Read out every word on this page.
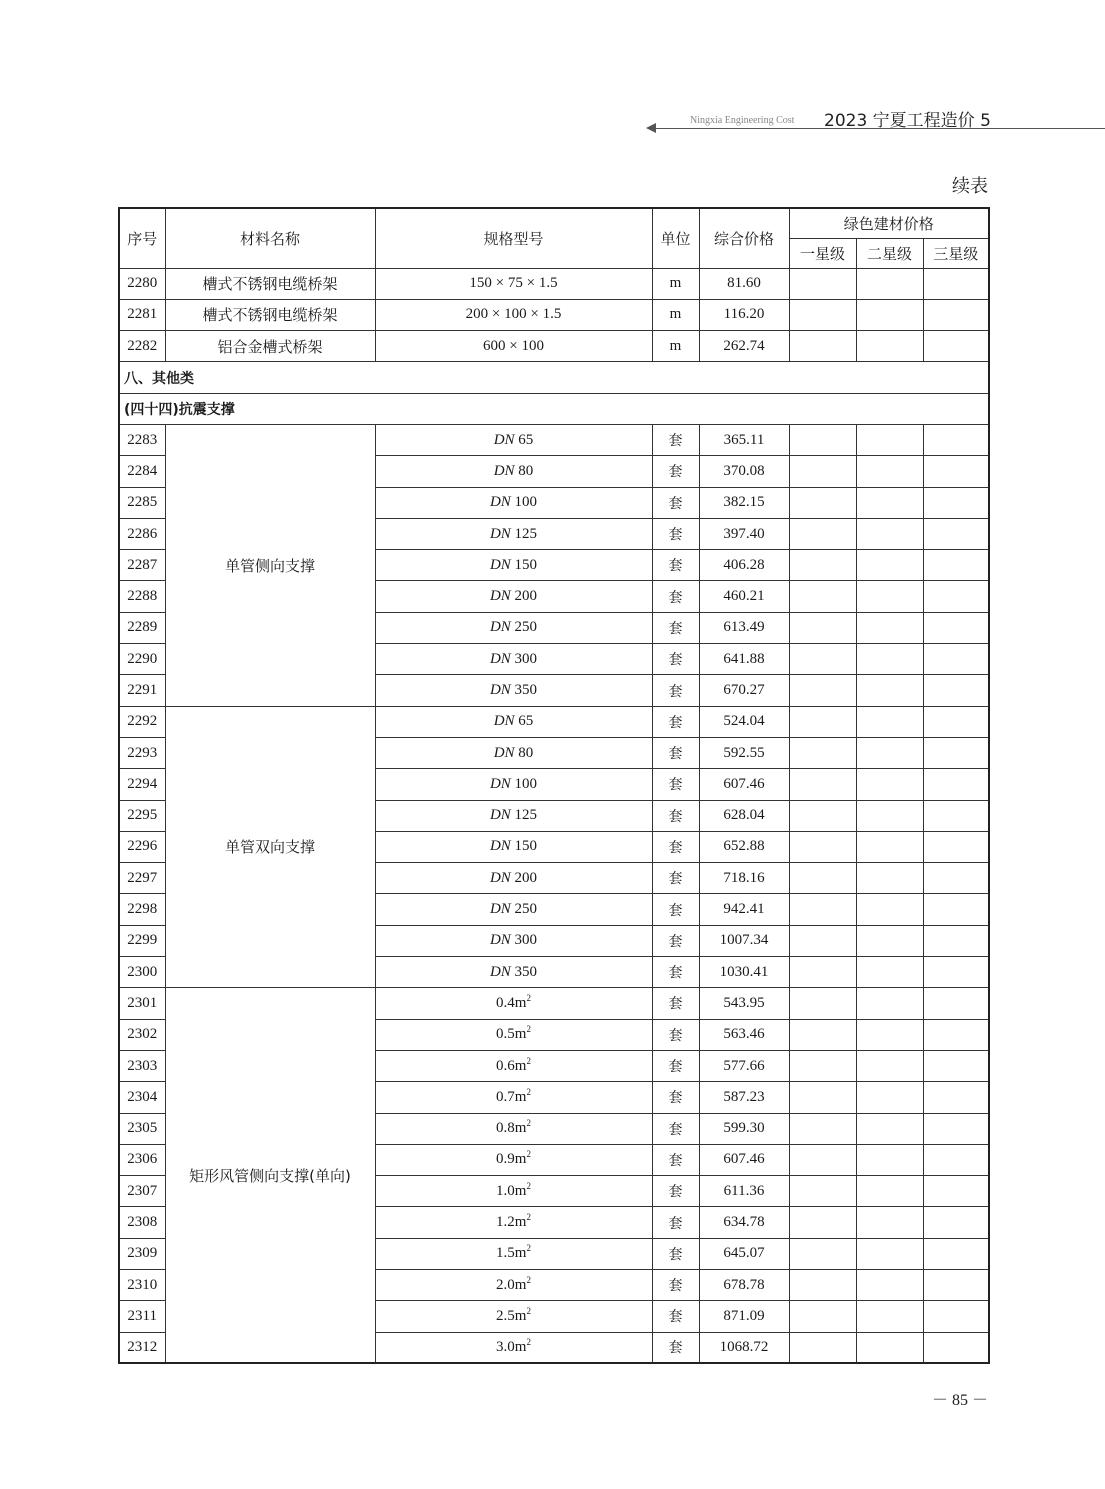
Ningxia Engineering Cost 2023 宁夏工程造价 5
续表
序号	材料名称	规格型号	单位	综合价格	绿色建材价格		
					一星级	二星级	三星级
2280	槽式不锈钢电缆桥架	150 × 75 × 1.5	m	81.60			
2281	槽式不锈钢电缆桥架	200 × 100 × 1.5	m	116.20			
2282	铝合金槽式桥架	600 × 100	m	262.74			
八、其他类							
(四十四)抗震支撑							
2283	单管侧向支撑	DN 65	套	365.11			
2284		DN 80	套	370.08			
2285		DN 100	套	382.15			
2286		DN 125	套	397.40			
2287		DN 150	套	406.28			
2288		DN 200	套	460.21			
2289		DN 250	套	613.49			
2290		DN 300	套	641.88			
2291		DN 350	套	670.27			
2292	单管双向支撑	DN 65	套	524.04			
2293		DN 80	套	592.55			
2294		DN 100	套	607.46			
2295		DN 125	套	628.04			
2296		DN 150	套	652.88			
2297		DN 200	套	718.16			
2298		DN 250	套	942.41			
2299		DN 300	套	1007.34			
2300		DN 350	套	1030.41			
2301	矩形风管侧向支撑(单向)	$0.4m^2$	套	543.95			
2302		$0.5m^2$	套	563.46			
2303		$0.6m^2$	套	577.66			
2304		$0.7m^2$	套	587.23			
2305		$0.8m^2$	套	599.30			
2306		$0.9m^2$	套	607.46			
2307		$1.0m^2$	套	611.36			
2308		$1.2m^2$	套	634.78			
2309		$1.5m^2$	套	645.07			
2310		$2.0m^2$	套	678.78			
2311		$2.5m^2$	套	871.09			
2312		$3.0m^2$	套	1068.72			
－ 85 －
